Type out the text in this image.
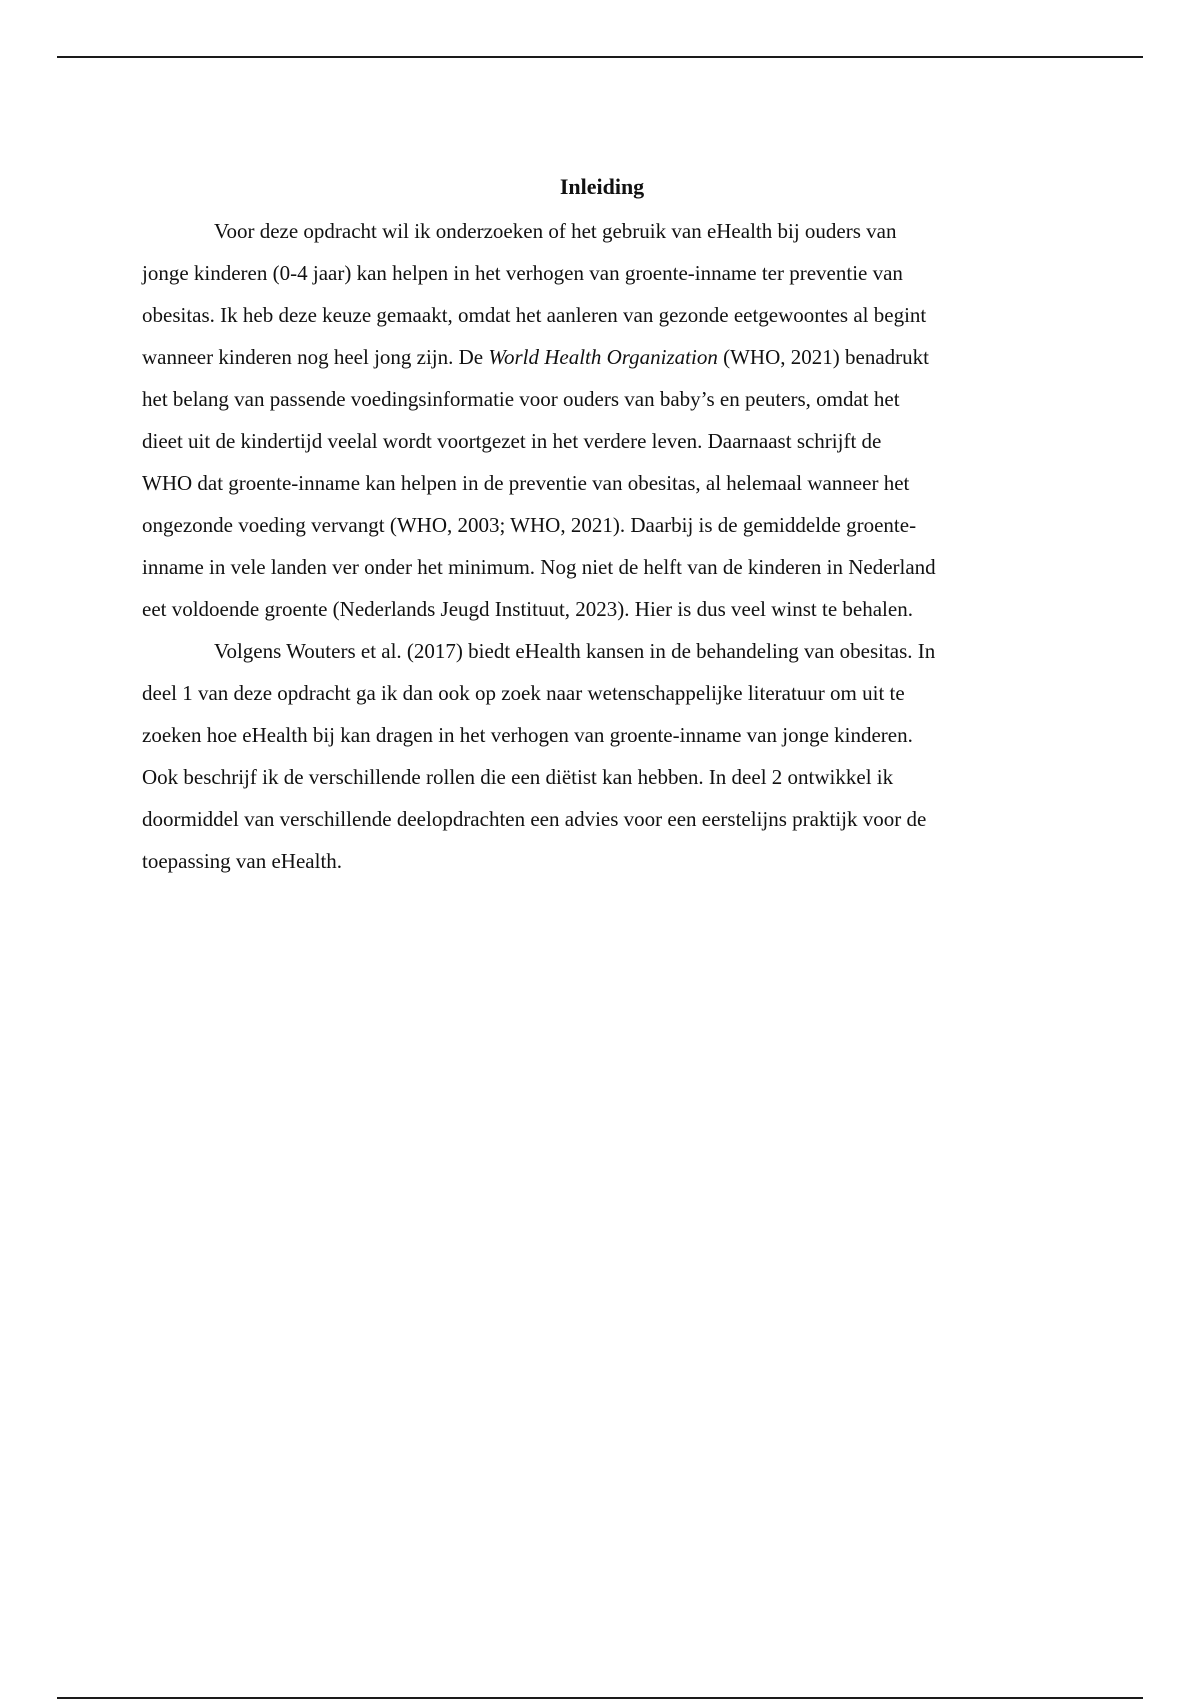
Inleiding
Voor deze opdracht wil ik onderzoeken of het gebruik van eHealth bij ouders van
jonge kinderen (0-4 jaar) kan helpen in het verhogen van groente-inname ter preventie van
obesitas. Ik heb deze keuze gemaakt, omdat het aanleren van gezonde eetgewoontes al begint
wanneer kinderen nog heel jong zijn. De World Health Organization (WHO, 2021) benadrukt
het belang van passende voedingsinformatie voor ouders van baby’s en peuters, omdat het
dieet uit de kindertijd veelal wordt voortgezet in het verdere leven. Daarnaast schrijft de
WHO dat groente-inname kan helpen in de preventie van obesitas, al helemaal wanneer het
ongezonde voeding vervangt (WHO, 2003; WHO, 2021). Daarbij is de gemiddelde groente-
inname in vele landen ver onder het minimum. Nog niet de helft van de kinderen in Nederland
eet voldoende groente (Nederlands Jeugd Instituut, 2023). Hier is dus veel winst te behalen.
Volgens Wouters et al. (2017) biedt eHealth kansen in de behandeling van obesitas. In
deel 1 van deze opdracht ga ik dan ook op zoek naar wetenschappelijke literatuur om uit te
zoeken hoe eHealth bij kan dragen in het verhogen van groente-inname van jonge kinderen.
Ook beschrijf ik de verschillende rollen die een diëtist kan hebben. In deel 2 ontwikkel ik
doormiddel van verschillende deelopdrachten een advies voor een eerstelijns praktijk voor de
toepassing van eHealth.
